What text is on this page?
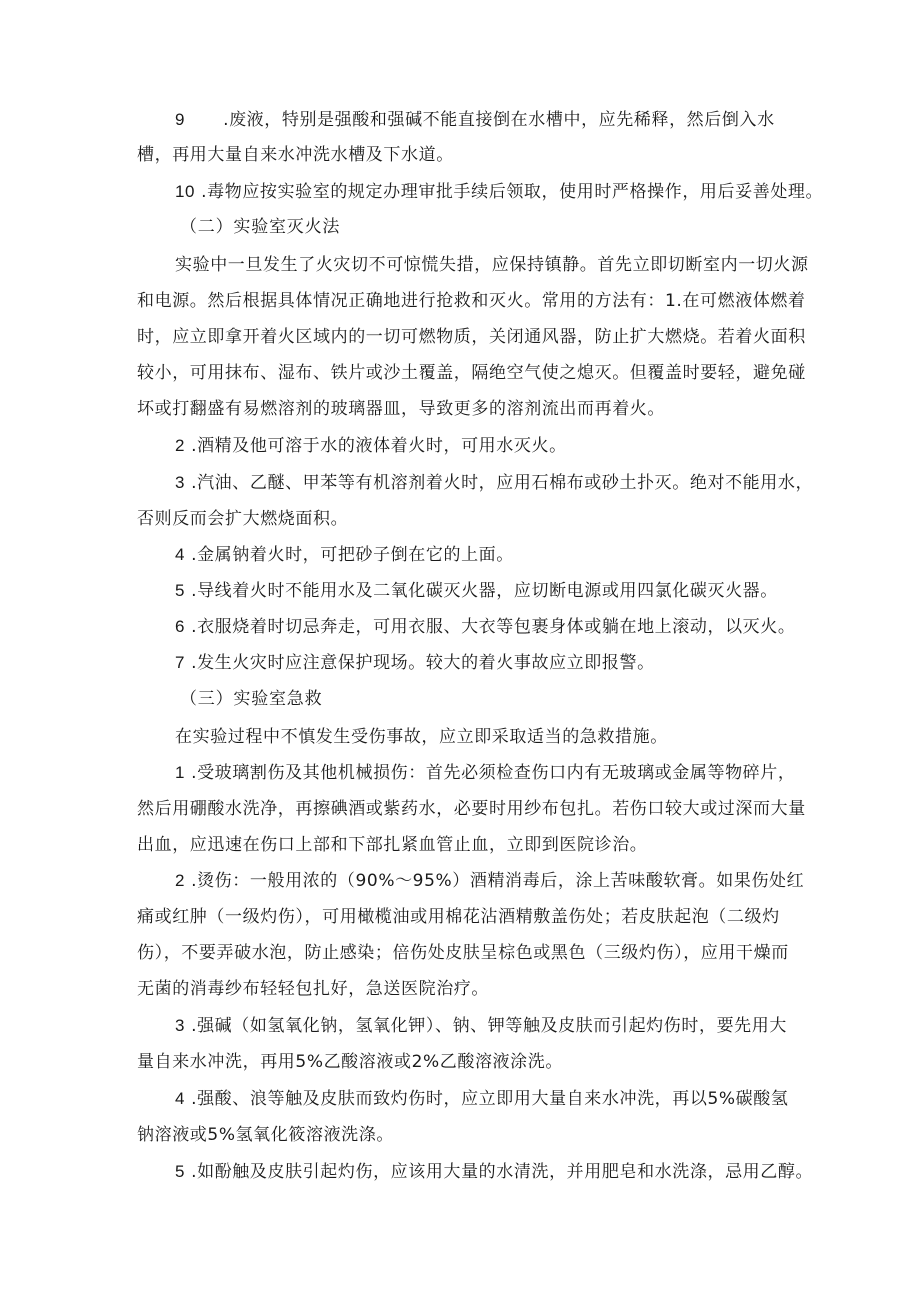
9 .废液，特别是强酸和强碱不能直接倒在水槽中，应先稀释，然后倒入水
槽，再用大量自来水冲洗水槽及下水道。
10 .毒物应按实验室的规定办理审批手续后领取，使用时严格操作，用后妥善处理。
（二）实验室灭火法
实验中一旦发生了火灾切不可惊慌失措，应保持镇静。首先立即切断室内一切火源
和电源。然后根据具体情况正确地进行抢救和灭火。常用的方法有：1.在可燃液体燃着
时，应立即拿开着火区域内的一切可燃物质，关闭通风器，防止扩大燃烧。若着火面积
较小，可用抹布、湿布、铁片或沙土覆盖，隔绝空气使之熄灭。但覆盖时要轻，避免碰
坏或打翻盛有易燃溶剂的玻璃器皿，导致更多的溶剂流出而再着火。
2 .酒精及他可溶于水的液体着火时，可用水灭火。
3 .汽油、乙醚、甲苯等有机溶剂着火时，应用石棉布或砂土扑灭。绝对不能用水，
否则反而会扩大燃烧面积。
4 .金属钠着火时，可把砂子倒在它的上面。
5 .导线着火时不能用水及二氧化碳灭火器，应切断电源或用四氯化碳灭火器。
6 .衣服烧着时切忌奔走，可用衣服、大衣等包裹身体或躺在地上滚动，以灭火。
7 .发生火灾时应注意保护现场。较大的着火事故应立即报警。
（三）实验室急救
在实验过程中不慎发生受伤事故，应立即采取适当的急救措施。
1 .受玻璃割伤及其他机械损伤：首先必须检查伤口内有无玻璃或金属等物碎片，
然后用硼酸水洗净，再擦碘酒或紫药水，必要时用纱布包扎。若伤口较大或过深而大量
出血，应迅速在伤口上部和下部扎紧血管止血，立即到医院诊治。
2 .烫伤：一般用浓的（90%〜95%）酒精消毒后，涂上苦味酸软膏。如果伤处红
痛或红肿（一级灼伤），可用橄榄油或用棉花沾酒精敷盖伤处；若皮肤起泡（二级灼
伤），不要弄破水泡，防止感染；倍伤处皮肤呈棕色或黑色（三级灼伤），应用干燥而
无菌的消毒纱布轻轻包扎好，急送医院治疗。
3 .强碱（如氢氧化钠，氢氧化钾）、钠、钾等触及皮肤而引起灼伤时，要先用大
量自来水冲洗，再用5%乙酸溶液或2%乙酸溶液涂洗。
4 .强酸、浪等触及皮肤而致灼伤时，应立即用大量自来水冲洗，再以5%碳酸氢
钠溶液或5%氢氧化筱溶液洗涤。
5 .如酚触及皮肤引起灼伤，应该用大量的水清洗，并用肥皂和水洗涤，忌用乙醇。
